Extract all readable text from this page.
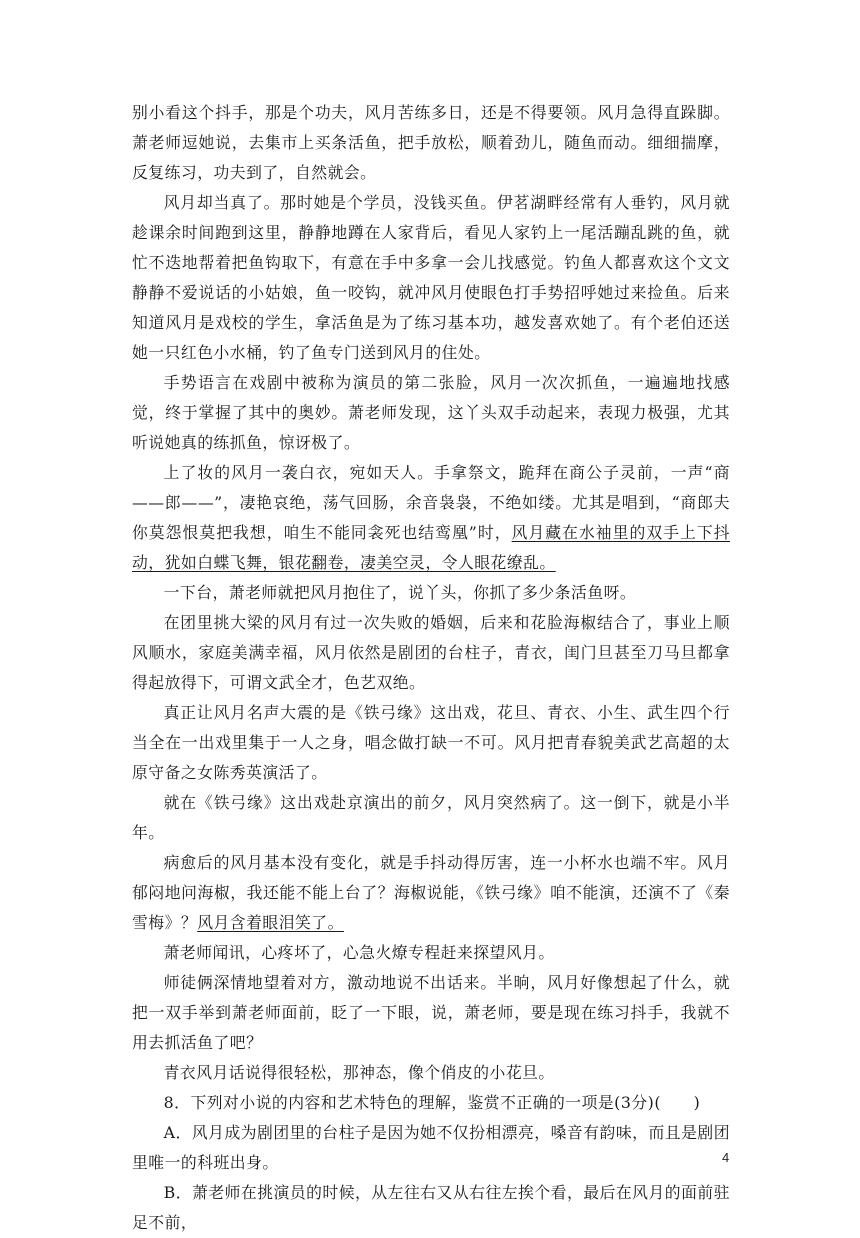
别小看这个抖手，那是个功夫，风月苦练多日，还是不得要领。风月急得直跺脚。萧老师逗她说，去集市上买条活鱼，把手放松，顺着劲儿，随鱼而动。细细揣摩，反复练习，功夫到了，自然就会。

风月却当真了。那时她是个学员，没钱买鱼。伊茗湖畔经常有人垂钓，风月就趁课余时间跑到这里，静静地蹲在人家背后，看见人家钓上一尾活蹦乱跳的鱼，就忙不迭地帮着把鱼钩取下，有意在手中多拿一会儿找感觉。钓鱼人都喜欢这个文文静静不爱说话的小姑娘，鱼一咬钩，就冲风月使眼色打手势招呼她过来捡鱼。后来知道风月是戏校的学生，拿活鱼是为了练习基本功，越发喜欢她了。有个老伯还送她一只红色小水桶，钓了鱼专门送到风月的住处。

手势语言在戏剧中被称为演员的第二张脸，风月一次次抓鱼，一遍遍地找感觉，终于掌握了其中的奥妙。萧老师发现，这丫头双手动起来，表现力极强，尤其听说她真的练抓鱼，惊讶极了。

上了妆的风月一袭白衣，宛如天人。手拿祭文，跪拜在商公子灵前，一声“商——郎——”，凄艳哀绝，荡气回肠，余音袅袅，不绝如缕。尤其是唱到，“商郎夫你莫怨恨莫把我想，咱生不能同衾死也结鸾凰”时，风月藏在水袖里的双手上下抖动，犹如白蝶飞舞，银花翻卷，凄美空灵，令人眼花缭乱。

一下台，萧老师就把风月抱住了，说丫头，你抓了多少条活鱼呀。

在团里挑大梁的风月有过一次失败的婚姻，后来和花脸海椒结合了，事业上顺风顺水，家庭美满幸福，风月依然是剧团的台柱子，青衣，闺门旦甚至刀马旦都拿得起放得下，可谓文武全才，色艺双绝。

真正让风月名声大震的是《铁弓缘》这出戏，花旦、青衣、小生、武生四个行当全在一出戏里集于一人之身，唱念做打缺一不可。风月把青春貌美武艺高超的太原守备之女陈秀英演活了。

就在《铁弓缘》这出戏赴京演出的前夕，风月突然病了。这一倒下，就是小半年。

病愈后的风月基本没有变化，就是手抖动得厉害，连一小杯水也端不牢。风月郁闷地问海椒，我还能不能上台了？海椒说能，《铁弓缘》咱不能演，还演不了《秦雪梅》？风月含着眼泪笑了。

萧老师闻讯，心疼坏了，心急火燎专程赶来探望风月。

师徒俩深情地望着对方，激动地说不出话来。半晌，风月好像想起了什么，就把一双手举到萧老师面前，眨了一下眼，说，萧老师，要是现在练习抖手，我就不用去抓活鱼了吧？

青衣风月话说得很轻松，那神态，像个俏皮的小花旦。

8．下列对小说的内容和艺术特色的理解，鉴赏不正确的一项是(3分)(　　)

A．风月成为剧团里的台柱子是因为她不仅扮相漂亮，嗓音有韵味，而且是剧团里唯一的科班出身。

B．萧老师在挑演员的时候，从左往右又从右往左挨个看，最后在风月的面前驻足不前，

4
